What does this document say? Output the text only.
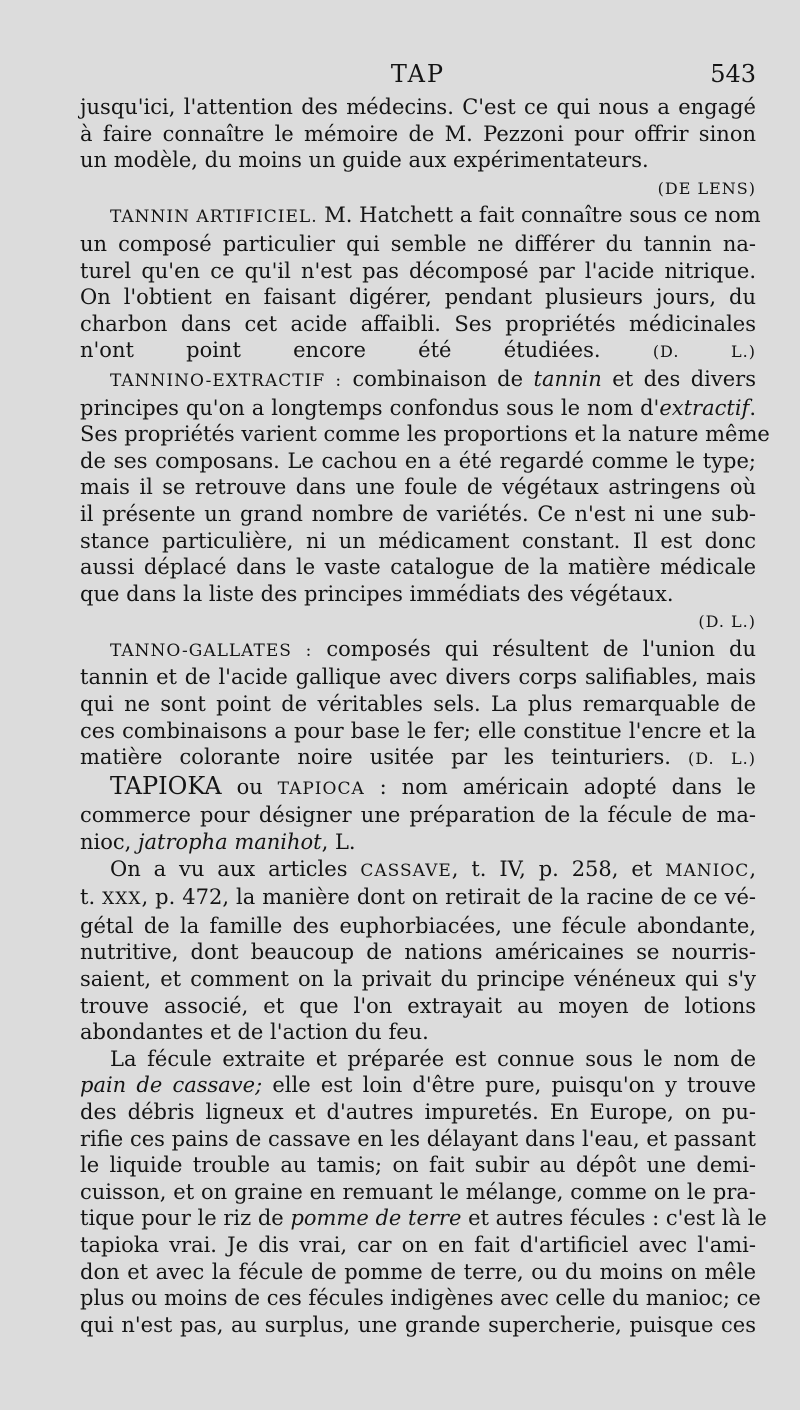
TAP	543
jusqu'ici, l'attention des médecins. C'est ce qui nous a engagé
à faire connaître le mémoire de M. Pezzoni pour offrir sinon
un modèle, du moins un guide aux expérimentateurs.
(DE LENS)
TANNIN ARTIFICIEL. M. Hatchett a fait connaître sous ce nom
un composé particulier qui semble ne différer du tannin na-
turel qu'en ce qu'il n'est pas décomposé par l'acide nitrique.
On l'obtient en faisant digérer, pendant plusieurs jours, du
charbon dans cet acide affaibli. Ses propriétés médicinales
n'ont point encore été étudiées.	(D. L.)
TANNINO-EXTRACTIF : combinaison de tannin et des divers
principes qu'on a longtemps confondus sous le nom d'extractif.
Ses propriétés varient comme les proportions et la nature même
de ses composans. Le cachou en a été regardé comme le type;
mais il se retrouve dans une foule de végétaux astringens où
il présente un grand nombre de variétés. Ce n'est ni une sub-
stance particulière, ni un médicament constant. Il est donc
aussi déplacé dans le vaste catalogue de la matière médicale
que dans la liste des principes immédiats des végétaux.
(D. L.)
TANNO-GALLATES : composés qui résultent de l'union du
tannin et de l'acide gallique avec divers corps salifiables, mais
qui ne sont point de véritables sels. La plus remarquable de
ces combinaisons a pour base le fer; elle constitue l'encre et la
matière colorante noire usitée par les teinturiers. (D. L.)
TAPIOKA ou TAPIOCA : nom américain adopté dans le
commerce pour désigner une préparation de la fécule de ma-
nioc, jatropha manihot, L.
On a vu aux articles CASSAVE, t. IV, p. 258, et MANIOC,
t. XXX, p. 472, la manière dont on retirait de la racine de ce vé-
gétal de la famille des euphorbiacées, une fécule abondante,
nutritive, dont beaucoup de nations américaines se nourris-
saient, et comment on la privait du principe vénéneux qui s'y
trouve associé, et que l'on extrayait au moyen de lotions
abondantes et de l'action du feu.
La fécule extraite et préparée est connue sous le nom de
pain de cassave; elle est loin d'être pure, puisqu'on y trouve
des débris ligneux et d'autres impuretés. En Europe, on pu-
rifie ces pains de cassave en les délayant dans l'eau, et passant
le liquide trouble au tamis; on fait subir au dépôt une demi-
cuisson, et on graine en remuant le mélange, comme on le pra-
tique pour le riz de pomme de terre et autres fécules : c'est là le
tapioka vrai. Je dis vrai, car on en fait d'artificiel avec l'ami-
don et avec la fécule de pomme de terre, ou du moins on mêle
plus ou moins de ces fécules indigènes avec celle du manioc; ce
qui n'est pas, au surplus, une grande supercherie, puisque ces
